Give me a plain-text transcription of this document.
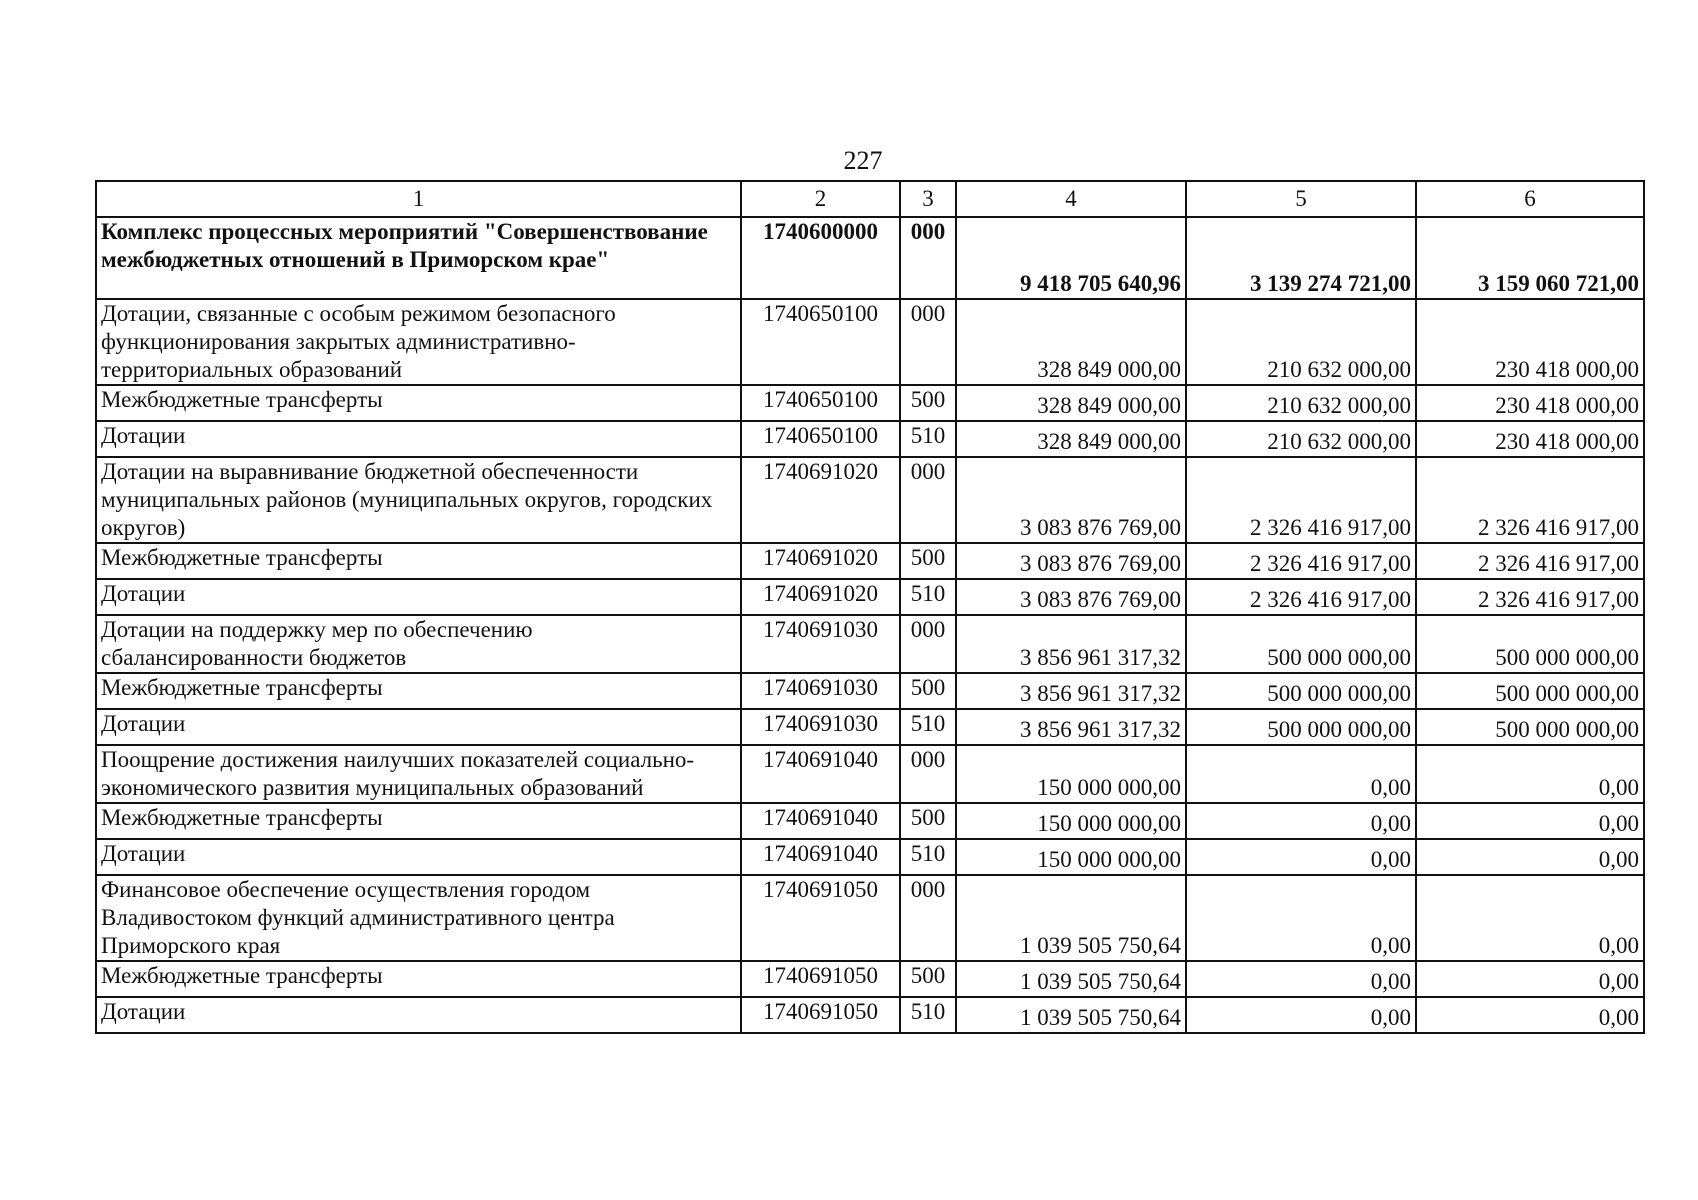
227
1	2	3	4	5	6
Комплекс процессных мероприятий "Совершенствование межбюджетных отношений в Приморском крае"	1740600000	000	9 418 705 640,96	3 139 274 721,00	3 159 060 721,00
Дотации, связанные с особым режимом безопасного функционирования закрытых административно-территориальных образований	1740650100	000	328 849 000,00	210 632 000,00	230 418 000,00
Межбюджетные трансферты	1740650100	500	328 849 000,00	210 632 000,00	230 418 000,00
Дотации	1740650100	510	328 849 000,00	210 632 000,00	230 418 000,00
Дотации на выравнивание бюджетной обеспеченности муниципальных районов (муниципальных округов, городских округов)	1740691020	000	3 083 876 769,00	2 326 416 917,00	2 326 416 917,00
Межбюджетные трансферты	1740691020	500	3 083 876 769,00	2 326 416 917,00	2 326 416 917,00
Дотации	1740691020	510	3 083 876 769,00	2 326 416 917,00	2 326 416 917,00
Дотации на поддержку мер по обеспечению сбалансированности бюджетов	1740691030	000	3 856 961 317,32	500 000 000,00	500 000 000,00
Межбюджетные трансферты	1740691030	500	3 856 961 317,32	500 000 000,00	500 000 000,00
Дотации	1740691030	510	3 856 961 317,32	500 000 000,00	500 000 000,00
Поощрение достижения наилучших показателей социально-экономического развития муниципальных образований	1740691040	000	150 000 000,00	0,00	0,00
Межбюджетные трансферты	1740691040	500	150 000 000,00	0,00	0,00
Дотации	1740691040	510	150 000 000,00	0,00	0,00
Финансовое обеспечение осуществления городом Владивостоком функций административного центра Приморского края	1740691050	000	1 039 505 750,64	0,00	0,00
Межбюджетные трансферты	1740691050	500	1 039 505 750,64	0,00	0,00
Дотации	1740691050	510	1 039 505 750,64	0,00	0,00
